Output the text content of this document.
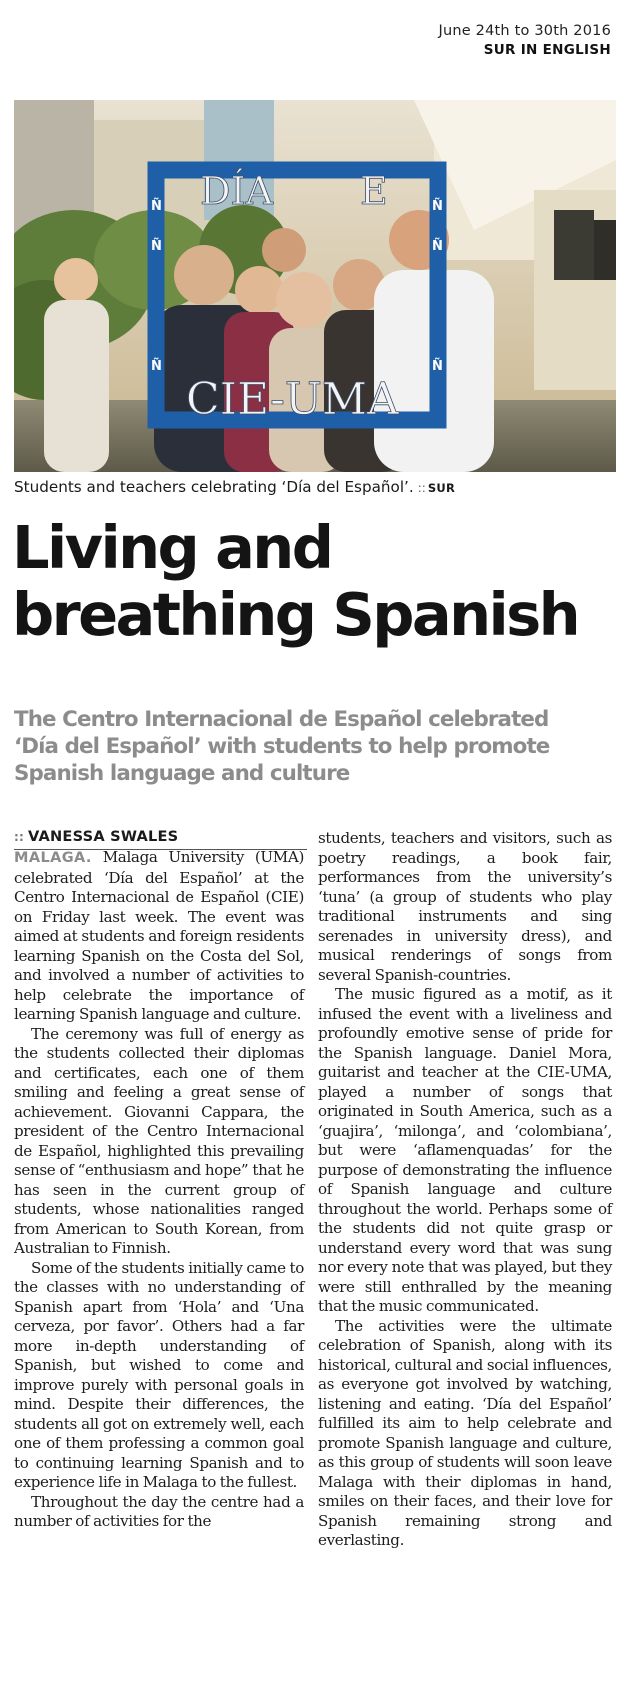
June 24th to 30th 2016
SUR IN ENGLISH
DÍA E
CIE-UMA
Ñ
Ñ
Ñ
Ñ
Ñ
Ñ
Students and teachers celebrating ‘Día del Español’. :: SUR
Living and
breathing Spanish
The Centro Internacional de Español celebrated
‘Día del Español’ with students to help promote
Spanish language and culture
:: VANESSA SWALES

MALAGA. Malaga University (UMA) celebrated ‘Día del Español’ at the Centro Internacional de Español (CIE) on Friday last week. The event was aimed at students and foreign residents learning Spanish on the Costa del Sol, and involved a number of activities to help celebrate the importance of learning Spanish language and culture.

The ceremony was full of energy as the students collected their diplomas and certificates, each one of them smiling and feeling a great sense of achievement. Giovanni Cappara, the president of the Centro Internacional de Español, highlighted this prevailing sense of “enthusiasm and hope” that he has seen in the current group of students, whose nationalities ranged from American to South Korean, from Australian to Finnish.

Some of the students initially came to the classes with no understanding of Spanish apart from ‘Hola’ and ‘Una cerveza, por favor’. Others had a far more in-depth understanding of Spanish, but wished to come and improve purely with personal goals in mind. Despite their differences, the students all got on extremely well, each one of them professing a common goal to continuing learning Spanish and to experience life in Malaga to the fullest.

Throughout the day the centre had a number of activities for the

students, teachers and visitors, such as poetry readings, a book fair, performances from the university’s ‘tuna’ (a group of students who play traditional instruments and sing serenades in university dress), and musical renderings of songs from several Spanish-countries.

The music figured as a motif, as it infused the event with a liveliness and profoundly emotive sense of pride for the Spanish language. Daniel Mora, guitarist and teacher at the CIE-UMA, played a number of songs that originated in South America, such as a ‘guajira’, ‘milonga’, and ‘colombiana’, but were ‘aflamenquadas’ for the purpose of demonstrating the influence of Spanish language and culture throughout the world. Perhaps some of the students did not quite grasp or understand every word that was sung nor every note that was played, but they were still enthralled by the meaning that the music communicated.

The activities were the ultimate celebration of Spanish, along with its historical, cultural and social influences, as everyone got involved by watching, listening and eating. ‘Día del Español’ fulfilled its aim to help celebrate and promote Spanish language and culture, as this group of students will soon leave Malaga with their diplomas in hand, smiles on their faces, and their love for Spanish remaining strong and everlasting.
